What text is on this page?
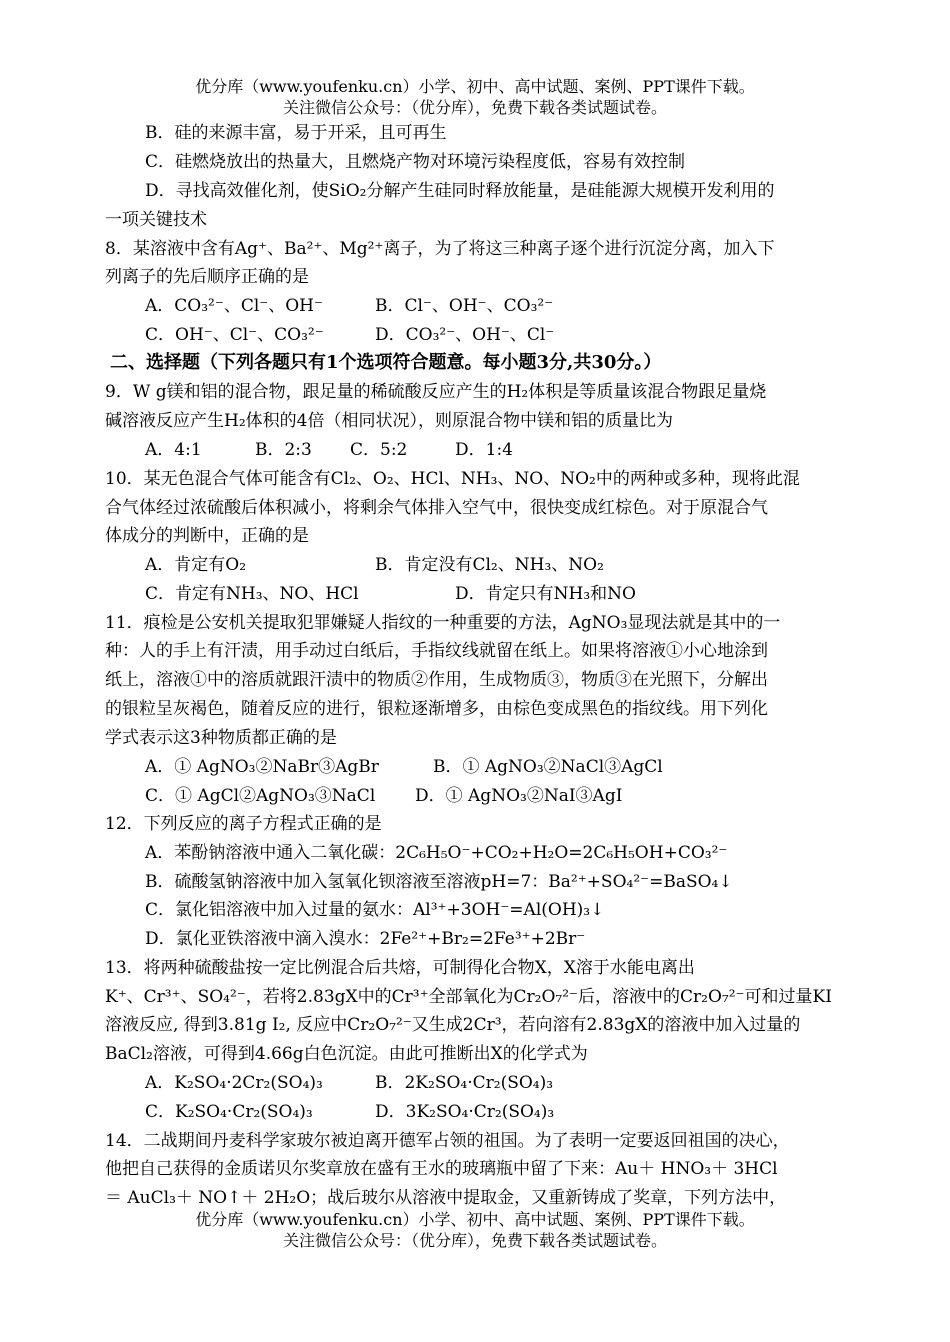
优分库（www.youfenku.cn）小学、初中、高中试题、案例、PPT课件下载。
关注微信公众号：（优分库），免费下载各类试题试卷。
B．硅的来源丰富，易于开采，且可再生
C．硅燃烧放出的热量大，且燃烧产物对环境污染程度低，容易有效控制
D．寻找高效催化剂，使SiO₂分解产生硅同时释放能量，是硅能源大规模开发利用的
一项关键技术
8．某溶液中含有Ag⁺、Ba²⁺、Mg²⁺离子，为了将这三种离子逐个进行沉淀分离，加入下
列离子的先后顺序正确的是
A．CO₃²⁻、Cl⁻、OH⁻	B．Cl⁻、OH⁻、CO₃²⁻
C．OH⁻、Cl⁻、CO₃²⁻	D．CO₃²⁻、OH⁻、Cl⁻
二、选择题（下列各题只有1个选项符合题意。每小题3分,共30分。）
9．W g镁和铝的混合物，跟足量的稀硫酸反应产生的H₂体积是等质量该混合物跟足量烧
碱溶液反应产生H₂体积的4倍（相同状况），则原混合物中镁和铝的质量比为
A．4:1	B．2:3 C．5:2	D．1:4
10．某无色混合气体可能含有Cl₂、O₂、HCl、NH₃、NO、NO₂中的两种或多种，现将此混
合气体经过浓硫酸后体积减小，将剩余气体排入空气中，很快变成红棕色。对于原混合气
体成分的判断中，正确的是
A．肯定有O₂	B．肯定没有Cl₂、NH₃、NO₂
C．肯定有NH₃、NO、HCl	D．肯定只有NH₃和NO
11．痕检是公安机关提取犯罪嫌疑人指纹的一种重要的方法，AgNO₃显现法就是其中的一
种：人的手上有汗渍，用手动过白纸后，手指纹线就留在纸上。如果将溶液①小心地涂到
纸上，溶液①中的溶质就跟汗渍中的物质②作用，生成物质③，物质③在光照下，分解出
的银粒呈灰褐色，随着反应的进行，银粒逐渐增多，由棕色变成黑色的指纹线。用下列化
学式表示这3种物质都正确的是
A．① AgNO₃②NaBr③AgBr	B．① AgNO₃②NaCl③AgCl
C．① AgCl②AgNO₃③NaCl D．① AgNO₃②NaI③AgI
12．下列反应的离子方程式正确的是
A．苯酚钠溶液中通入二氧化碳：2C₆H₅O⁻+CO₂+H₂O=2C₆H₅OH+CO₃²⁻
B．硫酸氢钠溶液中加入氢氧化钡溶液至溶液pH=7：Ba²⁺+SO₄²⁻=BaSO₄↓
C．氯化铝溶液中加入过量的氨水：Al³⁺+3OH⁻=Al(OH)₃↓
D．氯化亚铁溶液中滴入溴水：2Fe²⁺+Br₂=2Fe³⁺+2Br⁻
13．将两种硫酸盐按一定比例混合后共熔，可制得化合物X，X溶于水能电离出
K⁺、Cr³⁺、SO₄²⁻，若将2.83gX中的Cr³⁺全部氧化为Cr₂O₇²⁻后，溶液中的Cr₂O₇²⁻可和过量KI
溶液反应, 得到3.81g I₂, 反应中Cr₂O₇²⁻又生成2Cr³，若向溶有2.83gX的溶液中加入过量的
BaCl₂溶液，可得到4.66g白色沉淀。由此可推断出X的化学式为
A．K₂SO₄·2Cr₂(SO₄)₃	B．2K₂SO₄·Cr₂(SO₄)₃
C．K₂SO₄·Cr₂(SO₄)₃	D．3K₂SO₄·Cr₂(SO₄)₃
14．二战期间丹麦科学家玻尔被迫离开德军占领的祖国。为了表明一定要返回祖国的决心，
他把自己获得的金质诺贝尔奖章放在盛有王水的玻璃瓶中留了下来：Au＋ HNO₃＋ 3HCl
＝ AuCl₃＋ NO↑＋ 2H₂O；战后玻尔从溶液中提取金，又重新铸成了奖章，下列方法中，
优分库（www.youfenku.cn）小学、初中、高中试题、案例、PPT课件下载。
关注微信公众号：（优分库），免费下载各类试题试卷。
